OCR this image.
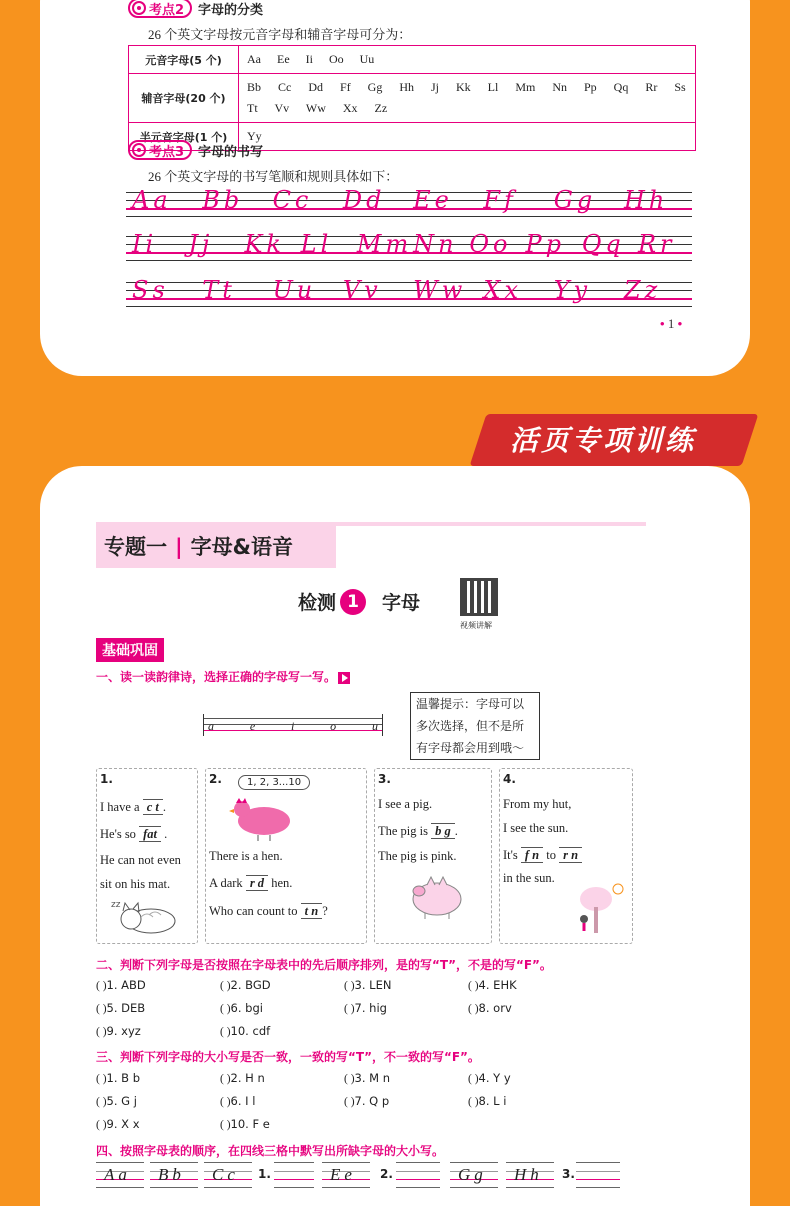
考点2 字母的分类
26 个英文字母按元音字母和辅音字母可分为：
元音字母(5 个)	Aa Ee Ii Oo Uu
辅音字母(20 个)	Bb Cc Dd Ff Gg Hh Jj Kk Ll Mm Nn Pp Qq Rr Ss Tt Vv Ww Xx Zz
半元音字母(1 个)	Yy
考点3 字母的书写
26 个英文字母的书写笔顺和规则具体如下：
Aa	Bb	Cc	Dd	Ee	Ff	Gg	Hh
Ii	Jj	Kk Ll	Mm Nn Oo Pp Qq Rr
Ss	Tt	Uu	Vv	Ww Xx	Yy	Zz
• 1 •
活页专项训练
专题一 | 字母&语音
检测 1	字母
视频讲解
基础巩固
一、读一读韵律诗，选择正确的字母写一写。
a	e	i	o	u
温馨提示：字母可以
多次选择，但不是所
有字母都会用到哦～
1.
I have a c t .
He's so fat .
He can not even
sit on his mat.
zz
2.	1, 2, 3...10
There is a hen.
A dark r d hen.
Who can count to t n ?
3.
I see a pig.
The pig is b g .
The pig is pink.
4.
From my hut,
I see the sun.
It's f n to r n
in the sun.
二、判断下列字母是否按照在字母表中的先后顺序排列，是的写“T”，不是的写“F”。
( )1. ABD	( )2. BGD	( )3. LEN	( )4. EHK
( )5. DEB	( )6. bgi	( )7. hig	( )8. orv
( )9. xyz	( )10. cdf
三、判断下列字母的大小写是否一致，一致的写“T”，不一致的写“F”。
( )1. B b	( )2. H n	( )3. M n	( )4. Y y
( )5. G j	( )6. I l	( )7. Q p	( )8. L i
( )9. X x	( )10. F e
四、按照字母表的顺序，在四线三格中默写出所缺字母的大小写。
Aa Bb Cc 1.	Ee 2.	Gg Hh 3.
